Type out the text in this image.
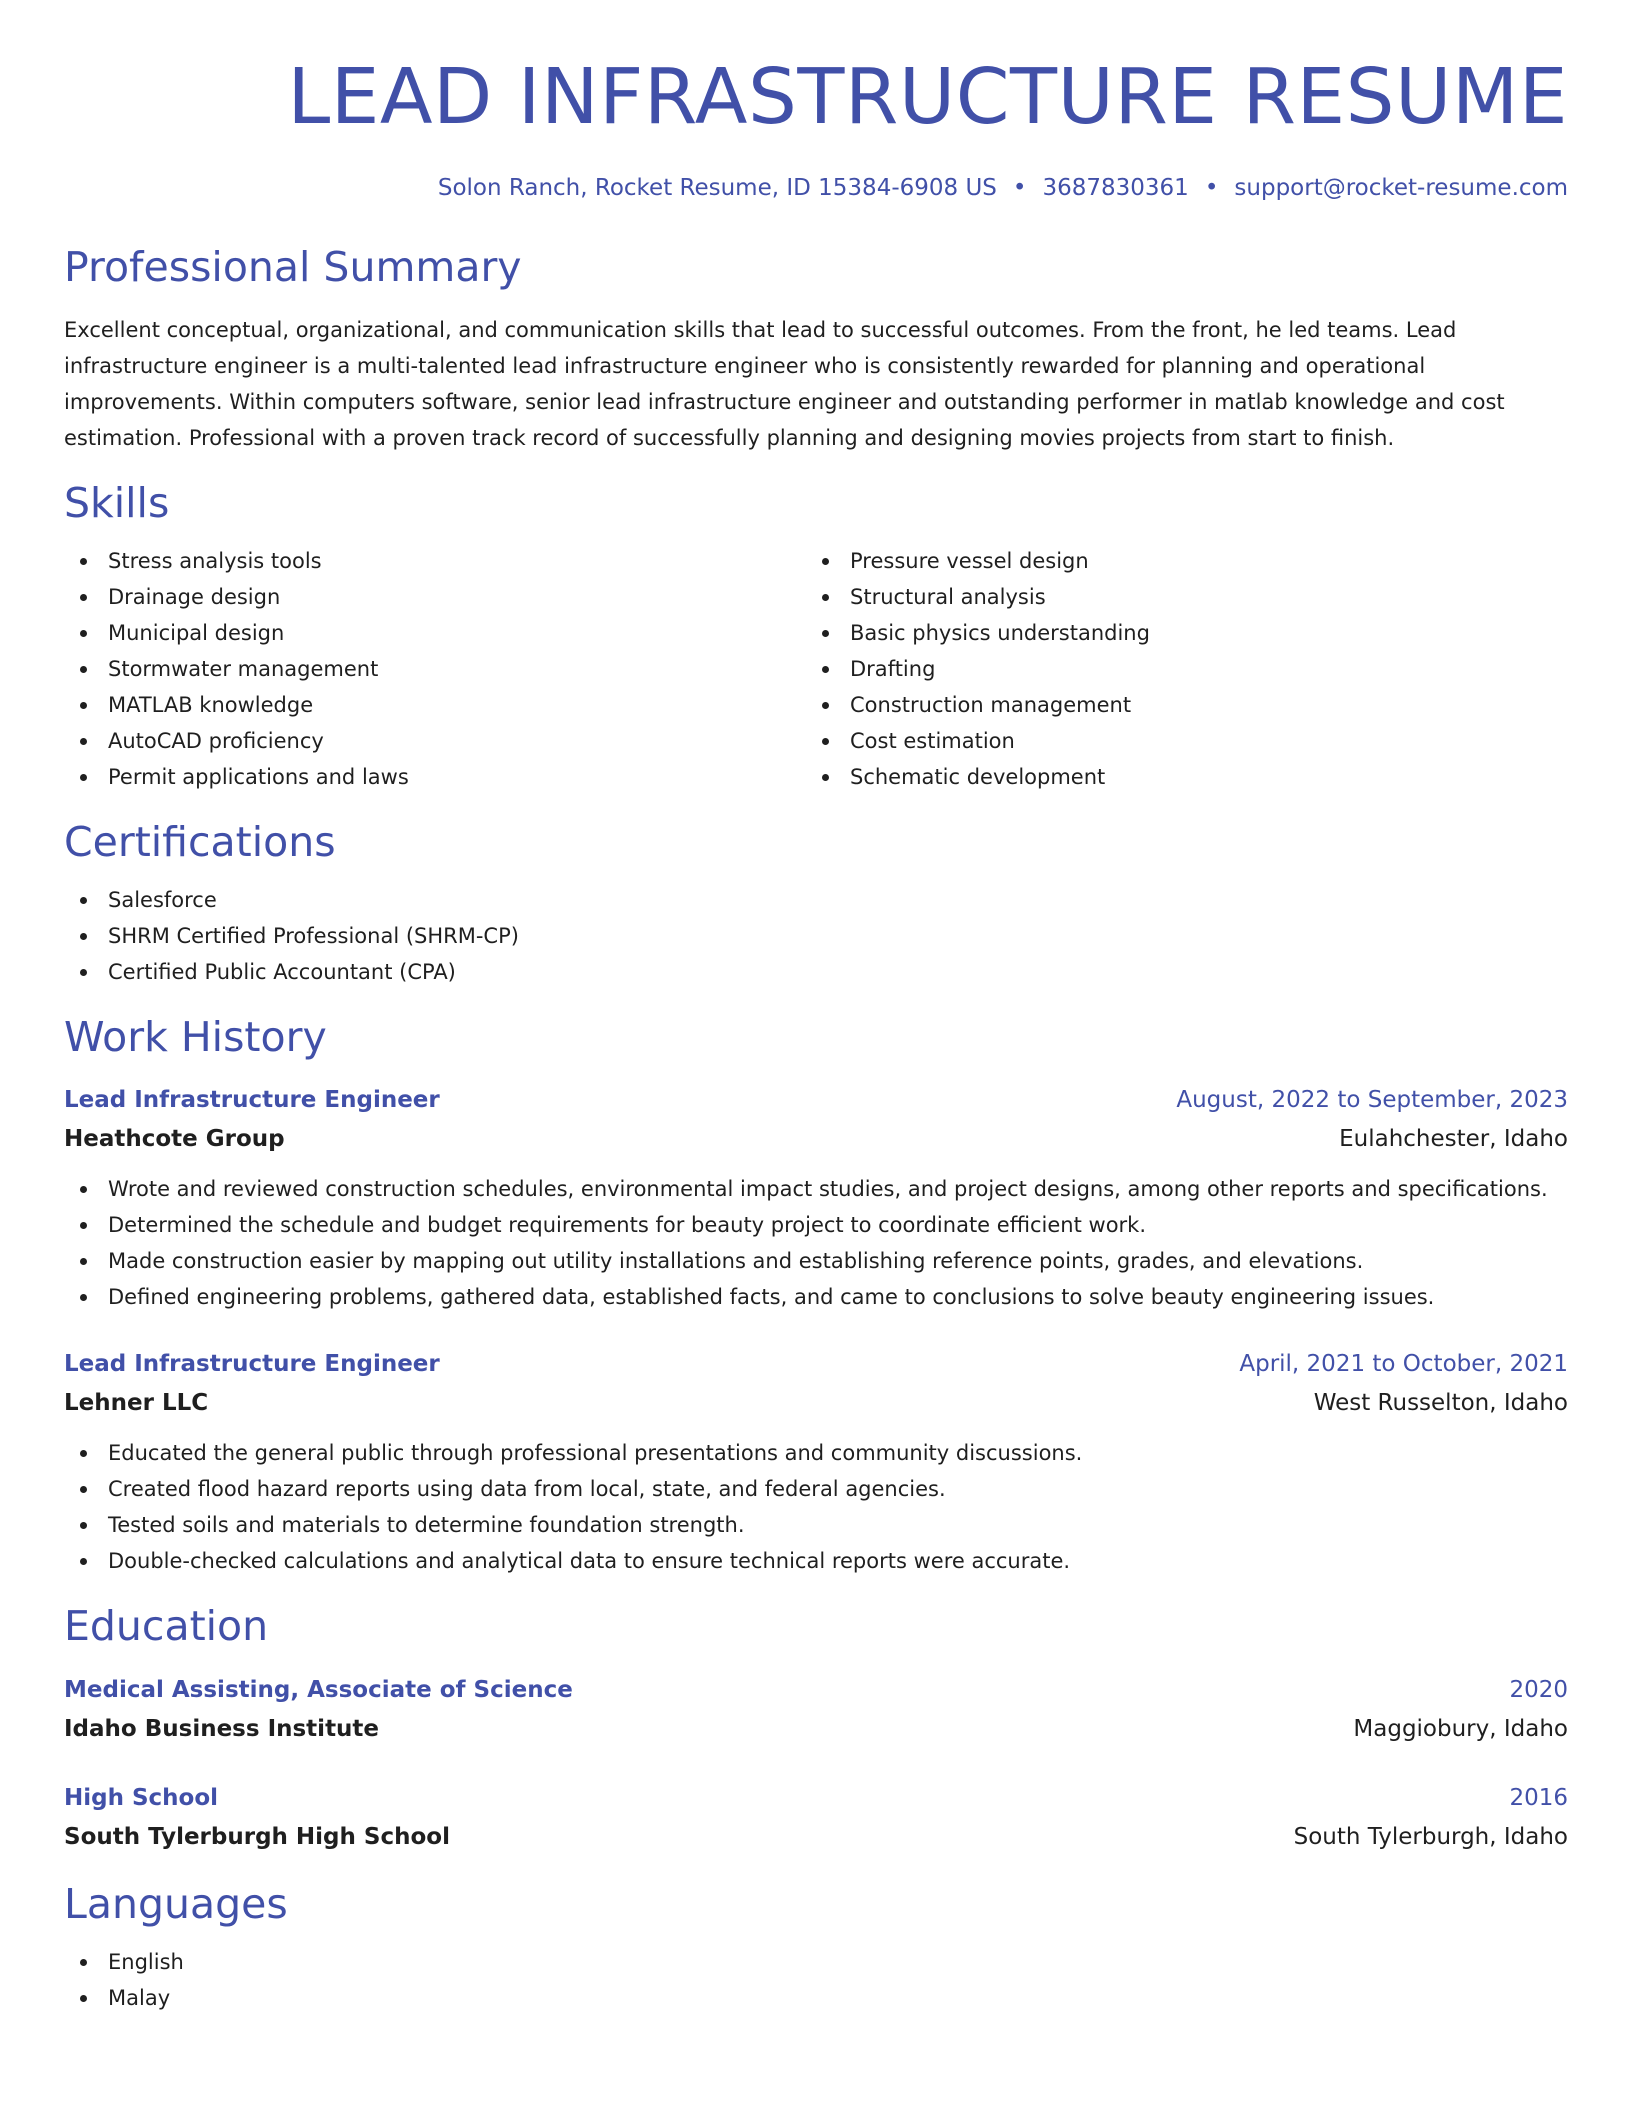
LEAD INFRASTRUCTURE RESUME
Solon Ranch, Rocket Resume, ID 15384-6908 US • 3687830361 • support@rocket-resume.com
Professional Summary
Excellent conceptual, organizational, and communication skills that lead to successful outcomes. From the front, he led teams. Lead infrastructure engineer is a multi-talented lead infrastructure engineer who is consistently rewarded for planning and operational improvements. Within computers software, senior lead infrastructure engineer and outstanding performer in matlab knowledge and cost estimation. Professional with a proven track record of successfully planning and designing movies projects from start to finish.
Skills
Stress analysis tools
Drainage design
Municipal design
Stormwater management
MATLAB knowledge
AutoCAD proficiency
Permit applications and laws
Pressure vessel design
Structural analysis
Basic physics understanding
Drafting
Construction management
Cost estimation
Schematic development
Certifications
Salesforce
SHRM Certified Professional (SHRM-CP)
Certified Public Accountant (CPA)
Work History
Lead Infrastructure Engineer	August, 2022 to September, 2023
Heathcote Group	Eulahchester, Idaho
Wrote and reviewed construction schedules, environmental impact studies, and project designs, among other reports and specifications.
Determined the schedule and budget requirements for beauty project to coordinate efficient work.
Made construction easier by mapping out utility installations and establishing reference points, grades, and elevations.
Defined engineering problems, gathered data, established facts, and came to conclusions to solve beauty engineering issues.
Lead Infrastructure Engineer	April, 2021 to October, 2021
Lehner LLC	West Russelton, Idaho
Educated the general public through professional presentations and community discussions.
Created flood hazard reports using data from local, state, and federal agencies.
Tested soils and materials to determine foundation strength.
Double-checked calculations and analytical data to ensure technical reports were accurate.
Education
Medical Assisting, Associate of Science	2020
Idaho Business Institute	Maggiobury, Idaho
High School	2016
South Tylerburgh High School	South Tylerburgh, Idaho
Languages
English
Malay
